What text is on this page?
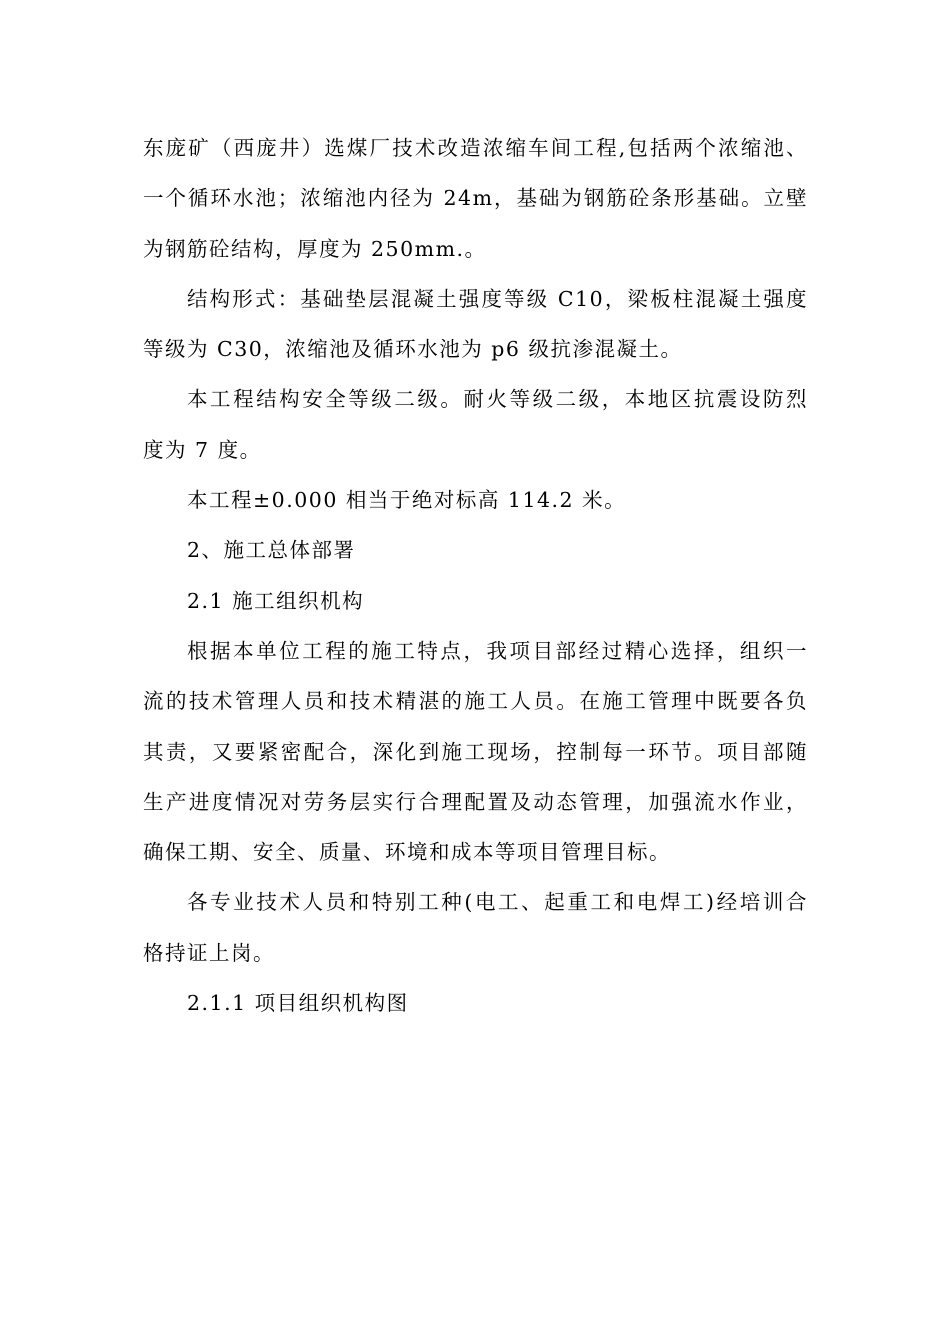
东庞矿（西庞井）选煤厂技术改造浓缩车间工程,包括两个浓缩池、
一个循环水池；浓缩池内径为 24m，基础为钢筋砼条形基础。立壁
为钢筋砼结构，厚度为 250mm.。
结构形式：基础垫层混凝土强度等级 C10，梁板柱混凝土强度
等级为 C30，浓缩池及循环水池为 p6 级抗渗混凝土。
本工程结构安全等级二级。耐火等级二级，本地区抗震设防烈
度为 7 度。
本工程±0.000 相当于绝对标高 114.2 米。
2、施工总体部署
2.1 施工组织机构
根据本单位工程的施工特点，我项目部经过精心选择，组织一
流的技术管理人员和技术精湛的施工人员。在施工管理中既要各负
其责，又要紧密配合，深化到施工现场，控制每一环节。项目部随
生产进度情况对劳务层实行合理配置及动态管理，加强流水作业，
确保工期、安全、质量、环境和成本等项目管理目标。
各专业技术人员和特别工种(电工、起重工和电焊工)经培训合
格持证上岗。
2.1.1 项目组织机构图
